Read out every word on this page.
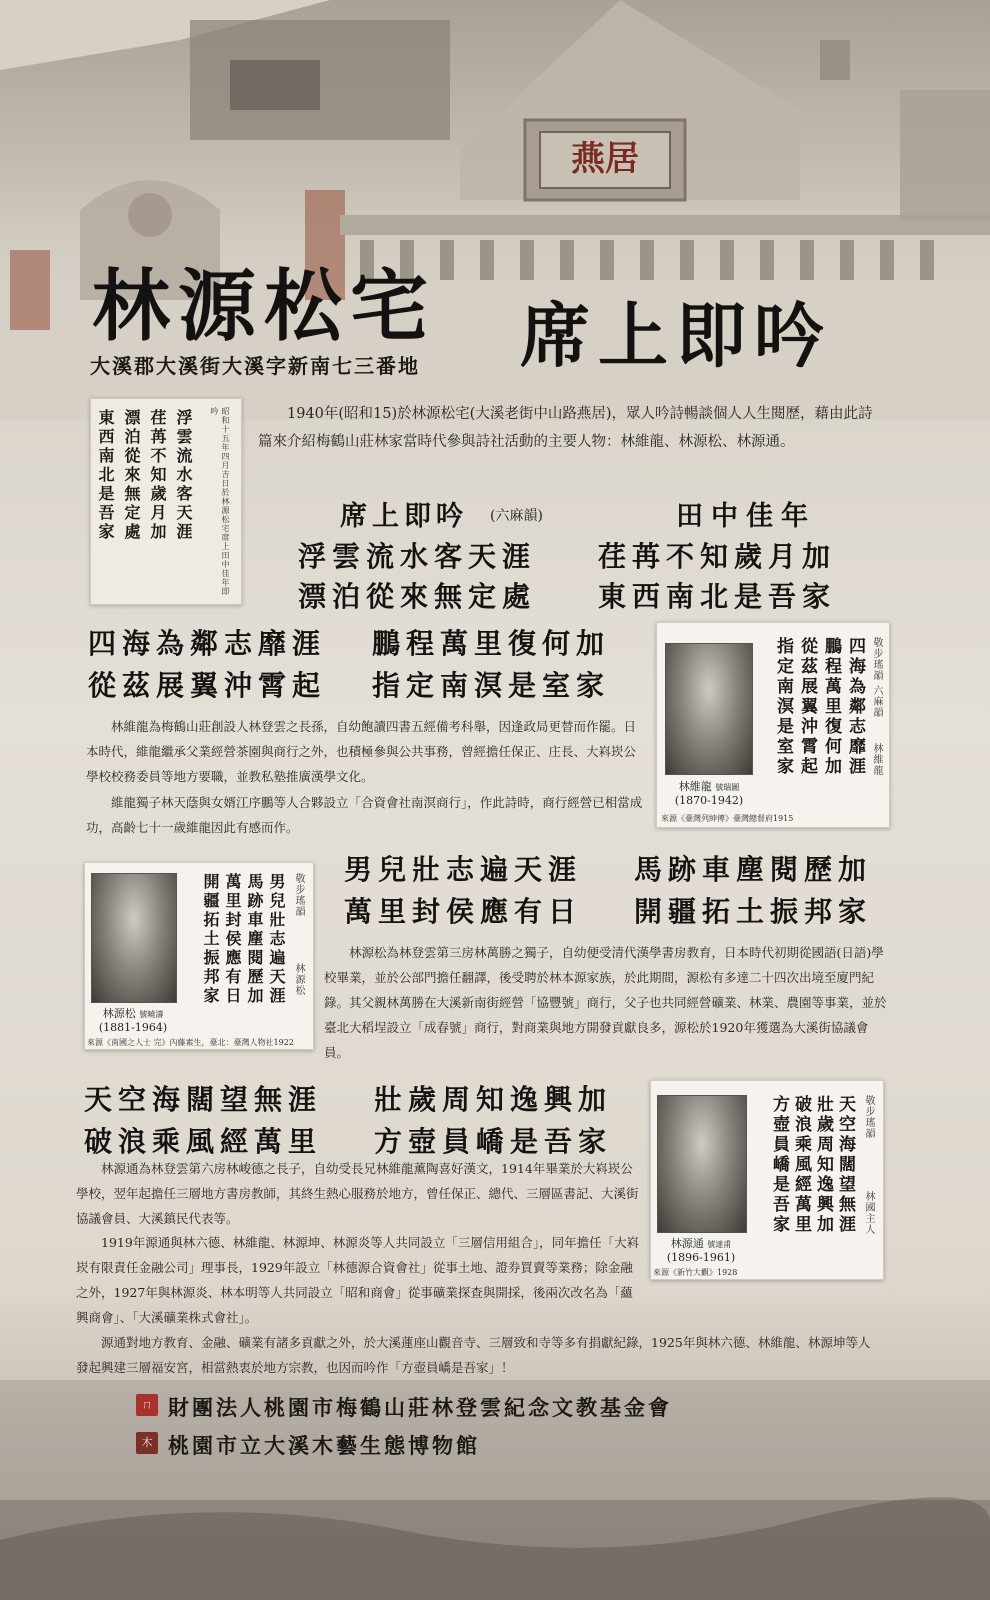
燕居
林源松宅 席上即吟
大溪郡大溪街大溪字新南七三番地
浮雲流水客天涯
荏苒不知歲月加
漂泊從來無定處
東西南北是吾家	昭和十五年四月吉日於林源松宅席上田中佳年即吟	1940年(昭和15)於林源松宅(大溪老街中山路燕居)，眾人吟詩暢談個人人生閱歷，藉由此詩篇來介紹梅鶴山莊林家當時代參與詩社活動的主要人物：林維龍、林源松、林源通。
席上即吟 (六麻韻)	田中佳年
浮雲流水客天涯 荏苒不知歲月加
漂泊從來無定處 東西南北是吾家
四海為鄰志靡涯 鵬程萬里復何加
從茲展翼沖霄起 指定南溟是室家
林維龍 號瑞圖
(1870-1942)
來源《臺灣列紳傳》臺灣總督府1915
四海為鄰志靡涯
鵬程萬里復何加
從茲展翼沖霄起
指定南溟是室家	敬步瑤韻 六麻韻
林維龍
林維龍為梅鶴山莊創設人林登雲之長孫，自幼飽讀四書五經備考科舉，因逢政局更替而作罷。日本時代，維龍繼承父業經營茶園與商行之外，也積極參與公共事務，曾經擔任保正、庄長、大嵙崁公學校校務委員等地方要職，並教私塾推廣漢學文化。
維龍獨子林天蔭與女婿江序鵬等人合夥設立「合資會社南溟商行」，作此詩時，商行經營已相當成功，高齡七十一歲維龍因此有感而作。
林源松 號曉濤
(1881-1964)
來源《南國之人士 完》內藤素生，臺北：臺灣人物社1922
男兒壯志遍天涯
馬跡車塵閱歷加
萬里封侯應有日
開疆拓土振邦家	敬步瑤韻
林源松
男兒壯志遍天涯 馬跡車塵閱歷加
萬里封侯應有日 開疆拓土振邦家
林源松為林登雲第三房林萬勝之獨子，自幼便受清代漢學書房教育，日本時代初期從國語(日語)學校畢業，並於公部門擔任翻譯，後受聘於林本源家族，於此期間，源松有多達二十四次出境至廈門紀錄。其父親林萬勝在大溪新南街經營「協豐號」商行，父子也共同經營礦業、林業、農園等事業，並於臺北大稻埕設立「成春號」商行，對商業與地方開發貢獻良多，源松於1920年獲選為大溪街協議會員。
天空海闊望無涯 壯歲周知逸興加
破浪乘風經萬里 方壺員嶠是吾家
林源通 號達甫
(1896-1961)
來源《新竹大觀》1928
天空海闊望無涯
壯歲周知逸興加
破浪乘風經萬里
方壺員嶠是吾家	敬步瑤韻
林國主人
林源通為林登雲第六房林峻德之長子，自幼受長兄林維龍薰陶喜好漢文，1914年畢業於大嵙崁公學校，翌年起擔任三層地方書房教師，其終生熱心服務於地方，曾任保正、總代、三層區書記、大溪街協議會員、大溪鎮民代表等。
1919年源通與林六德、林維龍、林源坤、林源炎等人共同設立「三層信用組合」，同年擔任「大嵙崁有限責任金融公司」理事長，1929年設立「林德源合資會社」從事土地、證券買賣等業務；除金融之外，1927年與林源炎、林本明等人共同設立「昭和商會」從事礦業探查與開採，後兩次改名為「蘊興商會」、「大溪礦業株式會社」。
源通對地方教育、金融、礦業有諸多貢獻之外，於大溪蓮座山觀音寺、三層致和寺等多有捐獻紀錄，1925年與林六德、林維龍、林源坤等人發起興建三層福安宮，相當熱衷於地方宗教，也因而吟作「方壺員嶠是吾家」！
ㄇ 財團法人桃園市梅鶴山莊林登雲紀念文教基金會
木 桃園市立大溪木藝生態博物館
